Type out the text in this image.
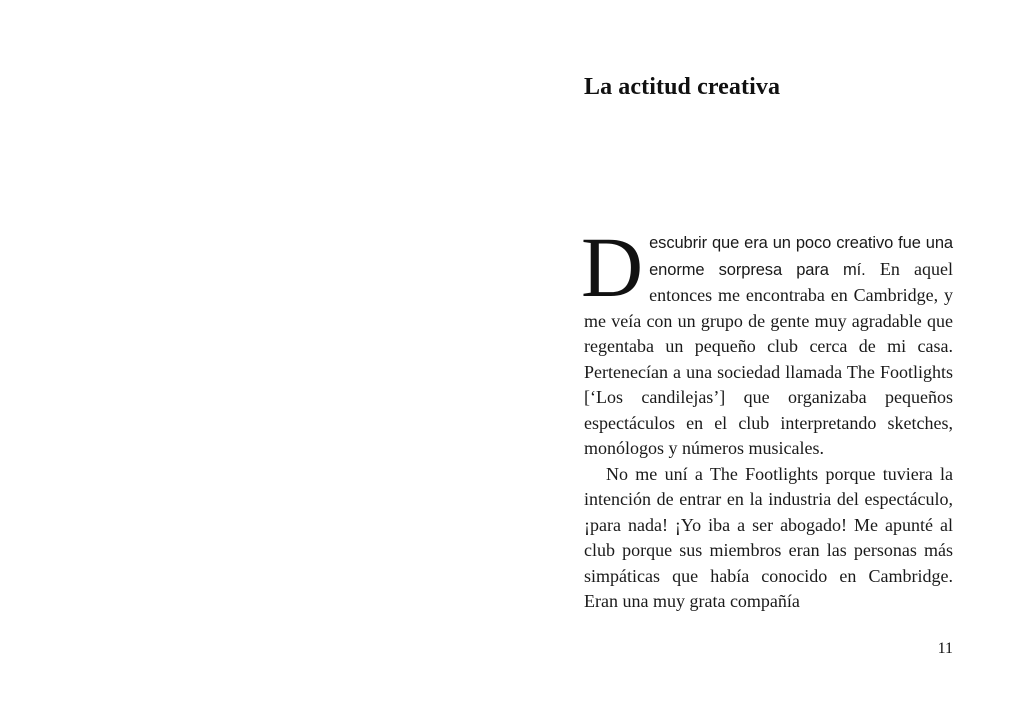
La actitud creativa

Descubrir que era un poco creativo fue una enorme sorpresa para mí. En aquel entonces me encontraba en Cambridge, y me veía con un grupo de gente muy agradable que regentaba un pequeño club cerca de mi casa. Pertenecían a una sociedad llamada The Footlights [‘Los candilejas’] que organizaba pequeños espectáculos en el club interpretando sketches, monólogos y números musicales.

No me uní a The Footlights porque tuviera la intención de entrar en la industria del espectáculo, ¡para nada! ¡Yo iba a ser abogado! Me apunté al club porque sus miembros eran las personas más simpáticas que había conocido en Cambridge. Eran una muy grata compañía

11
